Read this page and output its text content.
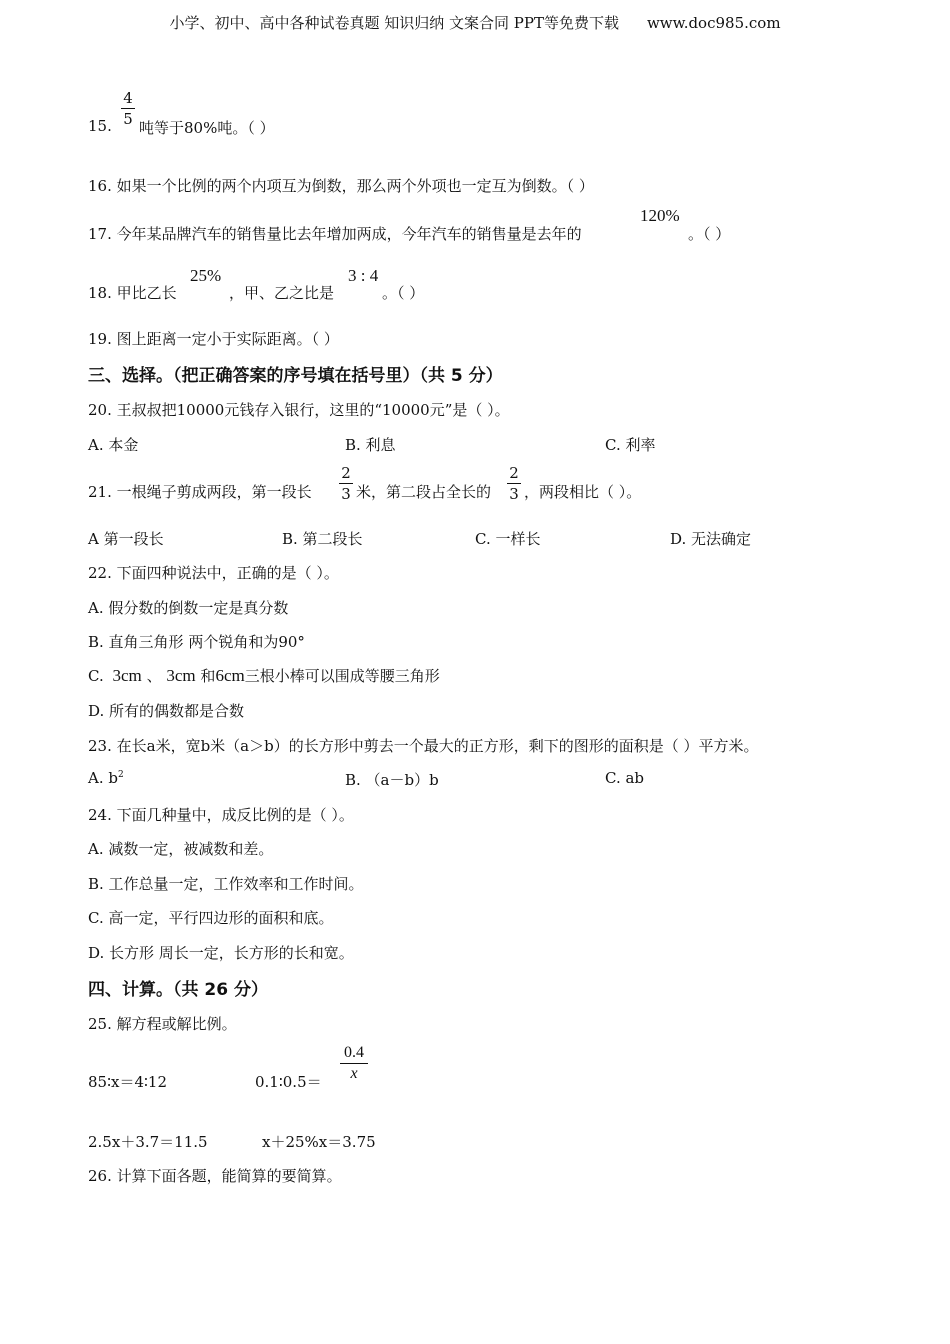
小学、初中、高中各种试卷真题 知识归纳 文案合同 PPT等免费下载 www.doc985.com
15.
4
5 吨等于80%吨。（ ）
16. 如果一个比例的两个内项互为倒数，那么两个外项也一定互为倒数。（ ）
17. 今年某品牌汽车的销售量比去年增加两成，今年汽车的销售量是去年的
120%
。（ ）
18. 甲比乙长
25%
，甲、乙之比是
3 : 4
。（ ）
19. 图上距离一定小于实际距离。（ ）
三、选择。（把正确答案的序号填在括号里）（共 5 分）
20. 王叔叔把10000元钱存入银行，这里的“10000元”是（ ）。
A. 本金	B. 利息	C. 利率
21. 一根绳子剪成两段，第一段长
2
3 米，第二段占全长的
2
3 ，两段相比（ ）。
A 第一段长	B. 第二段长	C. 一样长	D. 无法确定
22. 下面四种说法中，正确的是（ ）。
A. 假分数的倒数一定是真分数
B. 直角三角形 两个锐角和为90°
C. 3cm 、 3cm 和6cm三根小棒可以围成等腰三角形
D. 所有的偶数都是合数
23. 在长a米，宽b米（a＞b）的长方形中剪去一个最大的正方形，剩下的图形的面积是（ ）平方米。
A. $b^2$	B. （a－b）b	C. ab
24. 下面几种量中，成反比例的是（ ）。
A. 减数一定，被减数和差。
B. 工作总量一定，工作效率和工作时间。
C. 高一定，平行四边形的面积和底。
D. 长方形 周长一定，长方形的长和宽。
四、计算。（共 26 分）
25. 解方程或解比例。
85∶x＝4∶12	0.1∶0.5＝
0.4
x
2.5x＋3.7＝11.5	x＋25%x＝3.75
26. 计算下面各题，能简算的要简算。
